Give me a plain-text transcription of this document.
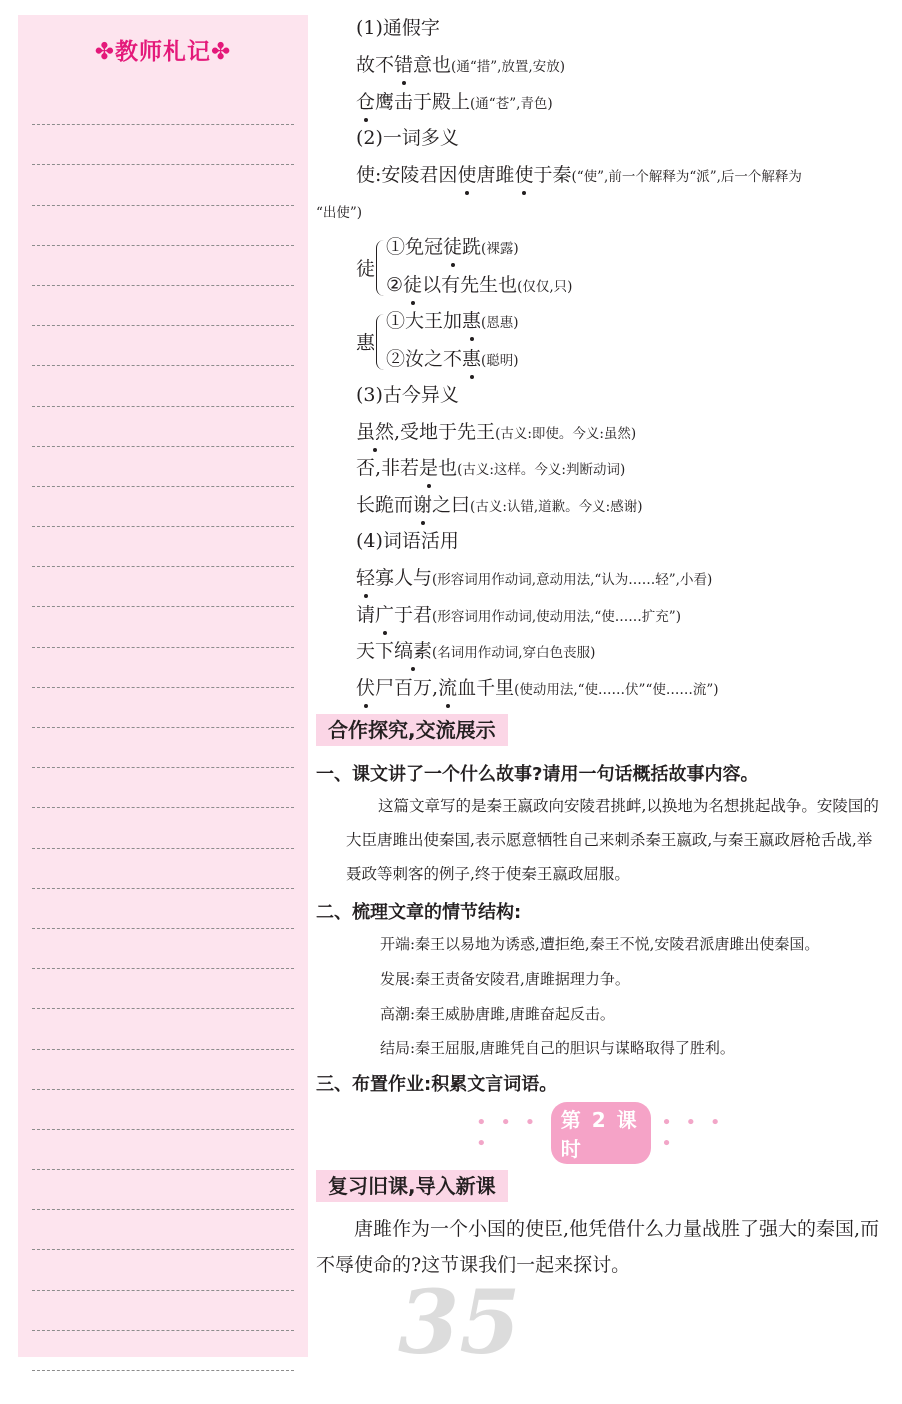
✤教师札记✤
(1)通假字
故不错意也(通“措”,放置,安放)
仓鹰击于殿上(通“苍”,青色)
(2)一词多义
使:安陵君因使唐雎使于秦(“使”,前一个解释为“派”,后一个解释为
“出使”)
徒
①免冠徒跣(裸露)
②徒以有先生也(仅仅,只)
惠
①大王加惠(恩惠)
②汝之不惠(聪明)
(3)古今异义
虽然,受地于先王(古义:即使。今义:虽然)
否,非若是也(古义:这样。今义:判断动词)
长跪而谢之曰(古义:认错,道歉。今义:感谢)
(4)词语活用
轻寡人与(形容词用作动词,意动用法,“认为……轻”,小看)
请广于君(形容词用作动词,使动用法,“使……扩充”)
天下缟素(名词用作动词,穿白色丧服)
伏尸百万,流血千里(使动用法,“使……伏”“使……流”)
合作探究,交流展示
一、课文讲了一个什么故事?请用一句话概括故事内容。
这篇文章写的是秦王嬴政向安陵君挑衅,以换地为名想挑起战争。安陵国的大臣唐雎出使秦国,表示愿意牺牲自己来刺杀秦王嬴政,与秦王嬴政唇枪舌战,举聂政等刺客的例子,终于使秦王嬴政屈服。
二、梳理文章的情节结构:
开端:秦王以易地为诱惑,遭拒绝,秦王不悦,安陵君派唐雎出使秦国。
发展:秦王责备安陵君,唐雎据理力争。
高潮:秦王威胁唐雎,唐雎奋起反击。
结局:秦王屈服,唐雎凭自己的胆识与谋略取得了胜利。
三、布置作业:积累文言词语。
• • • •
第 2 课 时
• • • •
复习旧课,导入新课
唐雎作为一个小国的使臣,他凭借什么力量战胜了强大的秦国,而不辱使命的?这节课我们一起来探讨。
35
